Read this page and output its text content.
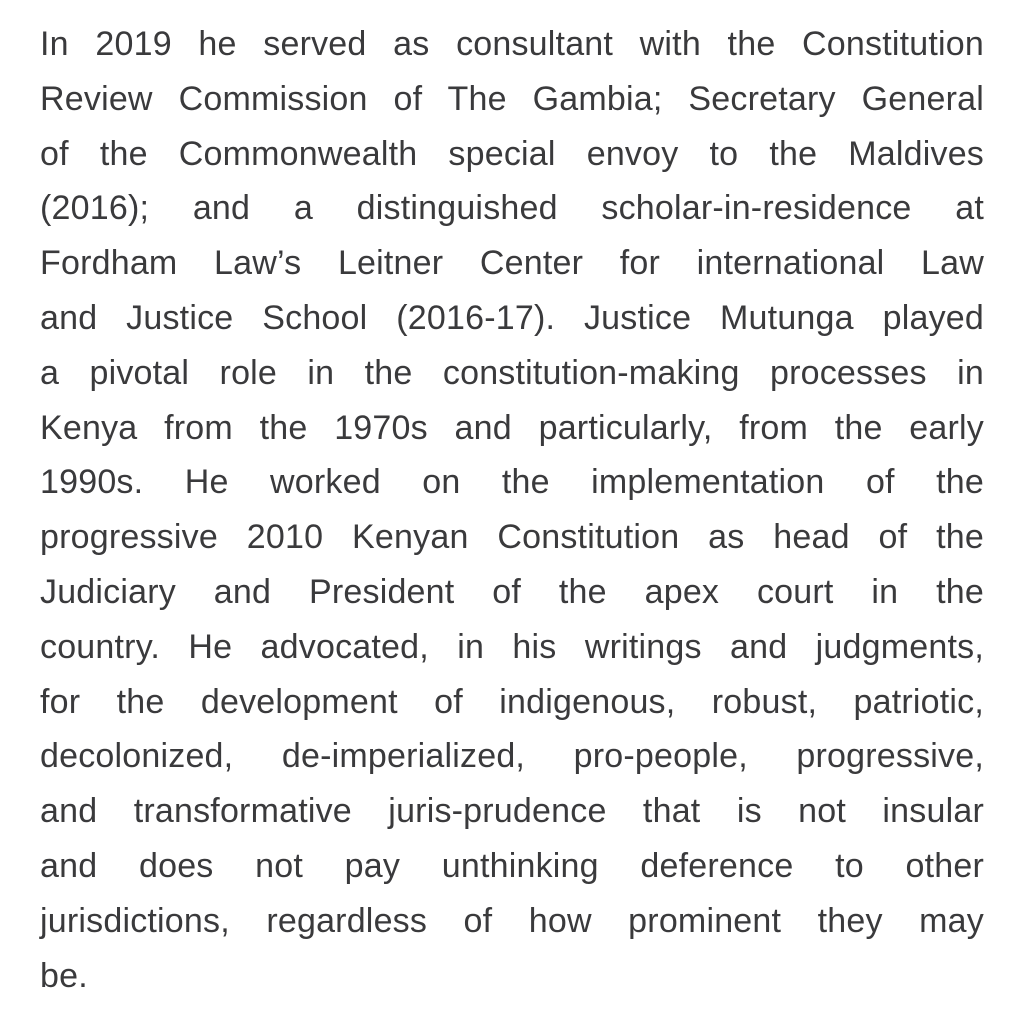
In 2019 he served as consultant with the Constitution
Review Commission of The Gambia; Secretary General
of the Commonwealth special envoy to the Maldives
(2016); and a distinguished scholar-in-residence at
Fordham Law’s Leitner Center for international Law
and Justice School (2016-17). Justice Mutunga played
a pivotal role in the constitution-making processes in
Kenya from the 1970s and particularly, from the early
1990s. He worked on the implementation of the
progressive 2010 Kenyan Constitution as head of the
Judiciary and President of the apex court in the
country. He advocated, in his writings and judgments,
for the development of indigenous, robust, patriotic,
decolonized, de-imperialized, pro-people, progressive,
and transformative juris-prudence that is not insular
and does not pay unthinking deference to other
jurisdictions, regardless of how prominent they may
be.
